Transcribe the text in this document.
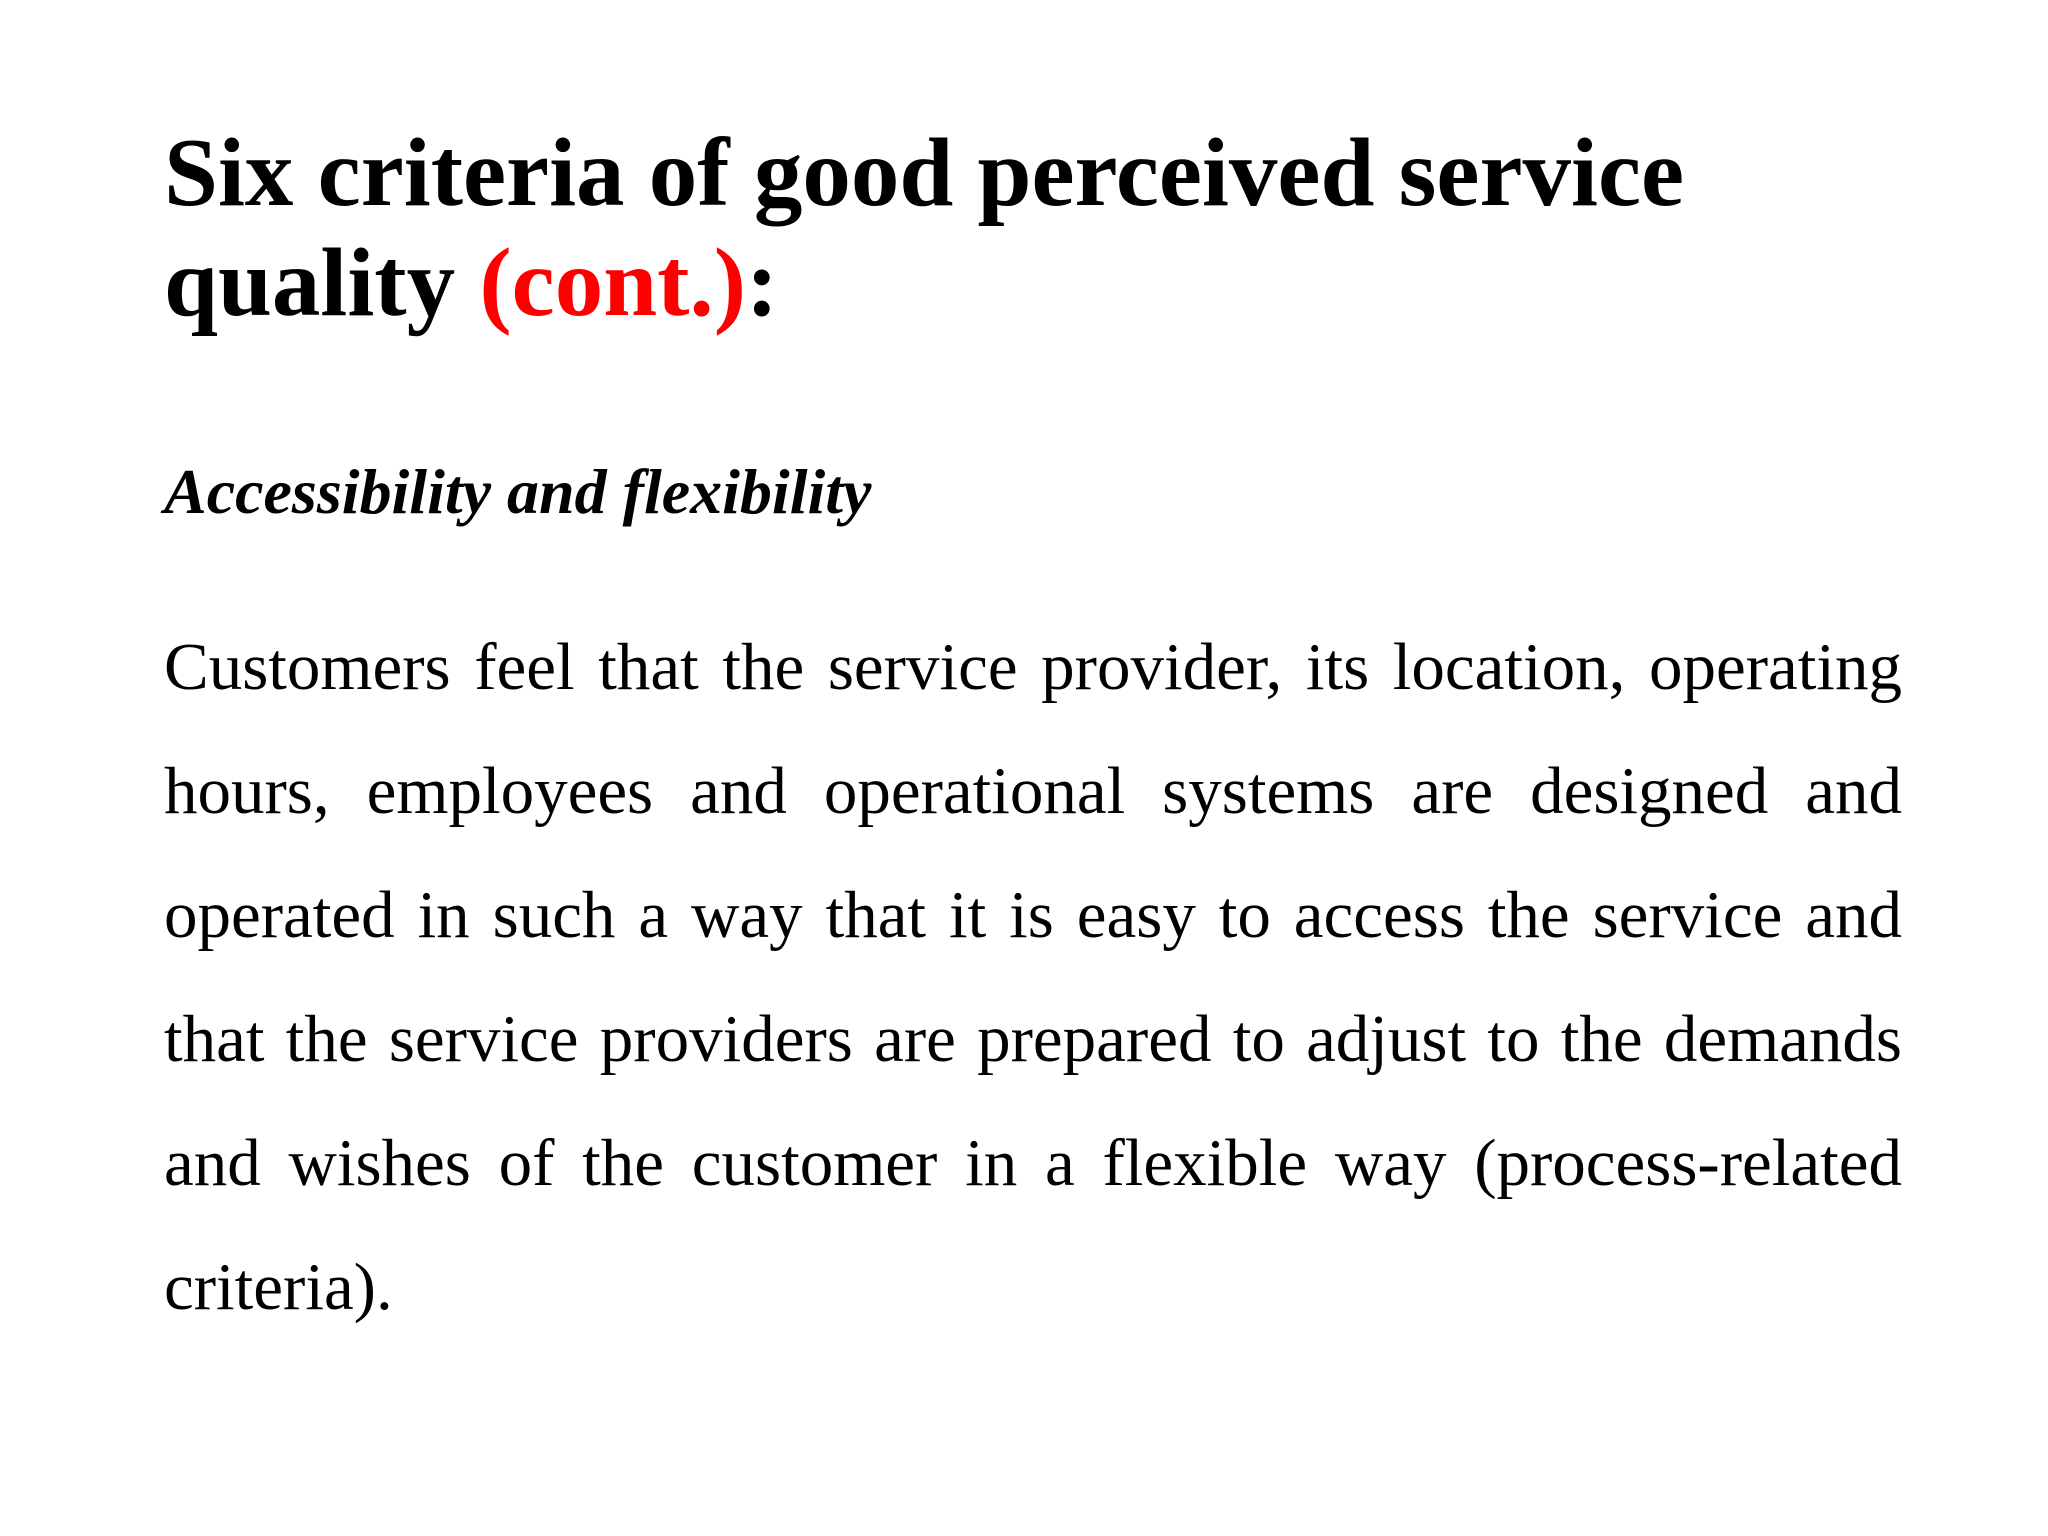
Six criteria of good perceived service quality (cont.):
Accessibility and flexibility

Customers feel that the service provider, its location, operating hours, employees and operational systems are designed and operated in such a way that it is easy to access the service and that the service providers are prepared to adjust to the demands and wishes of the customer in a flexible way (process-related criteria).
